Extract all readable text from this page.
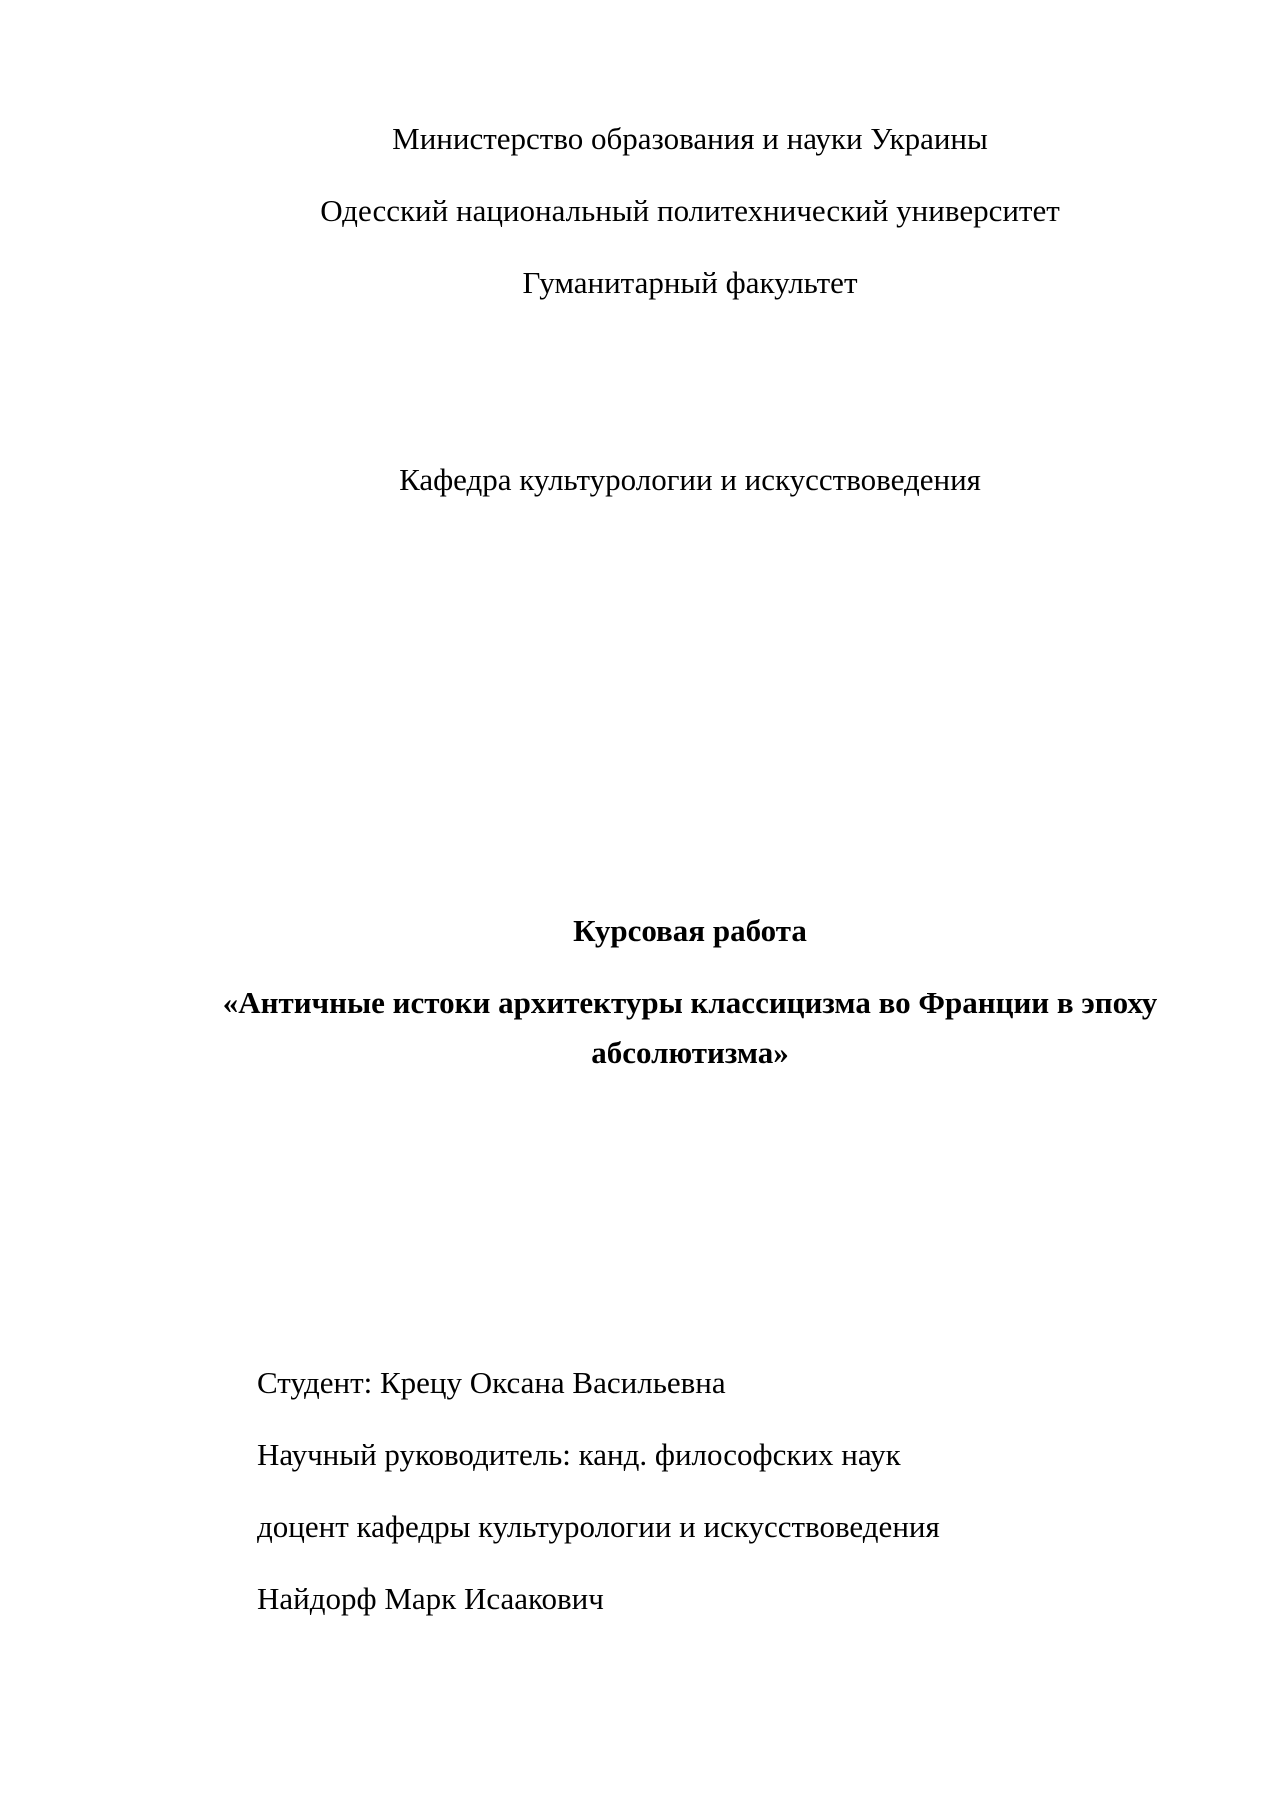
Министерство образования и науки Украины
Одесский национальный политехнический университет
Гуманитарный факультет
Кафедра культурологии и искусствоведения
Курсовая работа
«Античные истоки архитектуры классицизма во Франции в эпоху
абсолютизма»
Студент: Крецу Оксана Васильевна
Научный руководитель: канд. философских наук
доцент кафедры культурологии и искусствоведения
Найдорф Марк Исаакович
